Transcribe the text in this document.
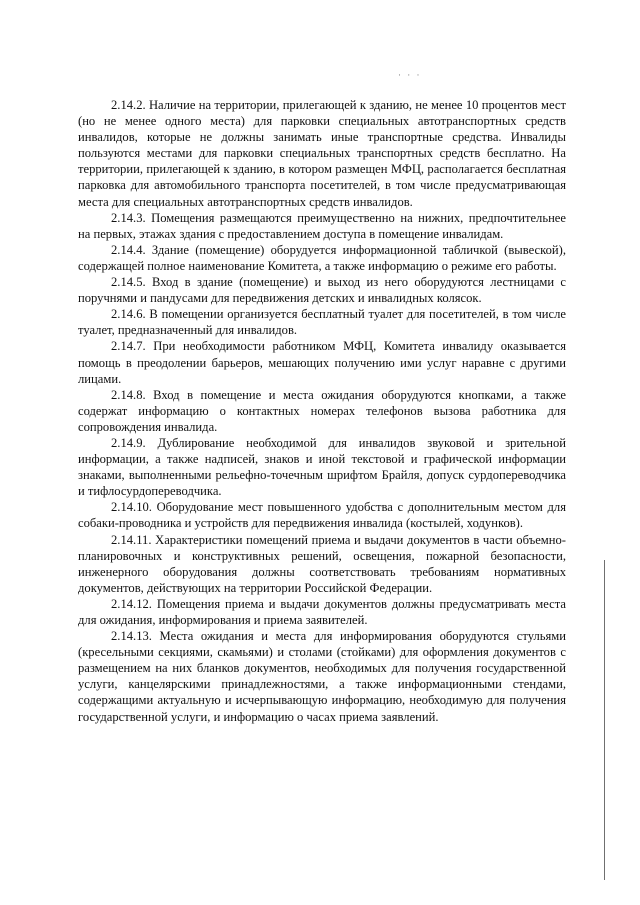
· · ·

2.14.2. Наличие на территории, прилегающей к зданию, не менее 10 процентов мест (но не менее одного места) для парковки специальных автотранспортных средств инвалидов, которые не должны занимать иные транспортные средства. Инвалиды пользуются местами для парковки специальных транспортных средств бесплатно. На территории, прилегающей к зданию, в котором размещен МФЦ, располагается бесплатная парковка для автомобильного транспорта посетителей, в том числе предусматривающая места для специальных автотранспортных средств инвалидов.

2.14.3. Помещения размещаются преимущественно на нижних, предпочтительнее на первых, этажах здания с предоставлением доступа в помещение инвалидам.

2.14.4. Здание (помещение) оборудуется информационной табличкой (вывеской), содержащей полное наименование Комитета, а также информацию о режиме его работы.

2.14.5. Вход в здание (помещение) и выход из него оборудуются лестницами с поручнями и пандусами для передвижения детских и инвалидных колясок.

2.14.6. В помещении организуется бесплатный туалет для посетителей, в том числе туалет, предназначенный для инвалидов.

2.14.7. При необходимости работником МФЦ, Комитета инвалиду оказывается помощь в преодолении барьеров, мешающих получению ими услуг наравне с другими лицами.

2.14.8. Вход в помещение и места ожидания оборудуются кнопками, а также содержат информацию о контактных номерах телефонов вызова работника для сопровождения инвалида.

2.14.9. Дублирование необходимой для инвалидов звуковой и зрительной информации, а также надписей, знаков и иной текстовой и графической информации знаками, выполненными рельефно-точечным шрифтом Брайля, допуск сурдопереводчика и тифлосурдопереводчика.

2.14.10. Оборудование мест повышенного удобства с дополнительным местом для собаки-проводника и устройств для передвижения инвалида (костылей, ходунков).

2.14.11. Характеристики помещений приема и выдачи документов в части объемно-планировочных и конструктивных решений, освещения, пожарной безопасности, инженерного оборудования должны соответствовать требованиям нормативных документов, действующих на территории Российской Федерации.

2.14.12. Помещения приема и выдачи документов должны предусматривать места для ожидания, информирования и приема заявителей.

2.14.13. Места ожидания и места для информирования оборудуются стульями (кресельными секциями, скамьями) и столами (стойками) для оформления документов с размещением на них бланков документов, необходимых для получения государственной услуги, канцелярскими принадлежностями, а также информационными стендами, содержащими актуальную и исчерпывающую информацию, необходимую для получения государственной услуги, и информацию о часах приема заявлений.
